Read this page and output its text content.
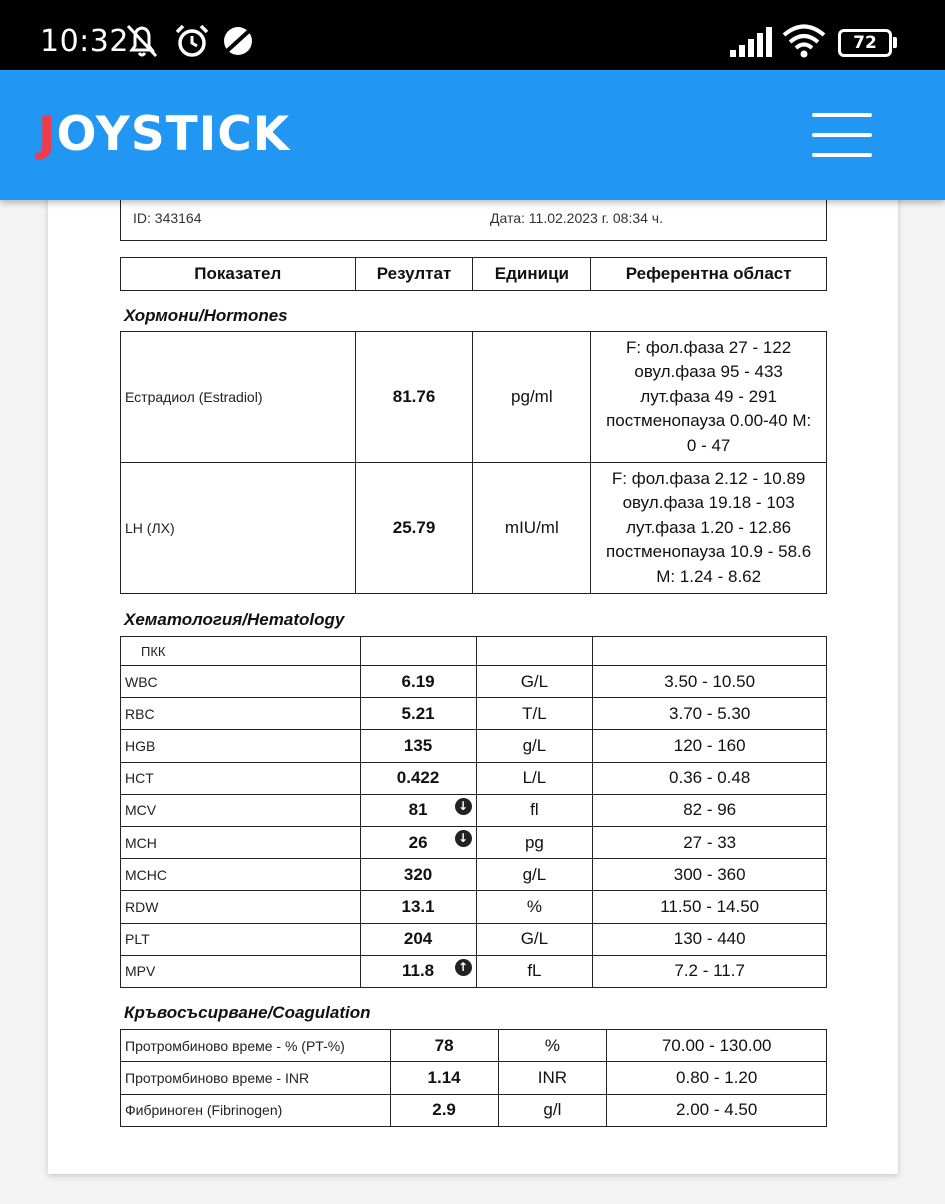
10:32	72
JOYSTICK
ID: 343164	Дата: 11.02.2023 г. 08:34 ч.
Показател	Резултат	Единици	Референтна област
Хормони/Hormones
Естрадиол (Estradiol)	81.76	pg/ml	F: фол.фаза 27 - 122
овул.фаза 95 - 433
лут.фаза 49 - 291
постменопауза 0.00-40 M:
0 - 47

LH (ЛХ)	25.79	mIU/ml	F: фол.фаза 2.12 - 10.89
овул.фаза 19.18 - 103
лут.фаза 1.20 - 12.86
постменопауза 10.9 - 58.6
M: 1.24 - 8.62
Хематология/Hematology
ПКК			
WBC	6.19	G/L	3.50 - 10.50
RBC	5.21	T/L	3.70 - 5.30
HGB	135	g/L	120 - 160
HCT	0.422	L/L	0.36 - 0.48
MCV	81 ↓	fl	82 - 96
MCH	26 ↓	pg	27 - 33
MCHC	320	g/L	300 - 360
RDW	13.1	%	11.50 - 14.50
PLT	204	G/L	130 - 440
MPV	11.8 ↑	fL	7.2 - 11.7
Кръвосъсирване/Coagulation
Протромбиново време - % (PT-%)	78	%	70.00 - 130.00
Протромбиново време - INR	1.14	INR	0.80 - 1.20
Фибриноген (Fibrinogen)	2.9	g/l	2.00 - 4.50
